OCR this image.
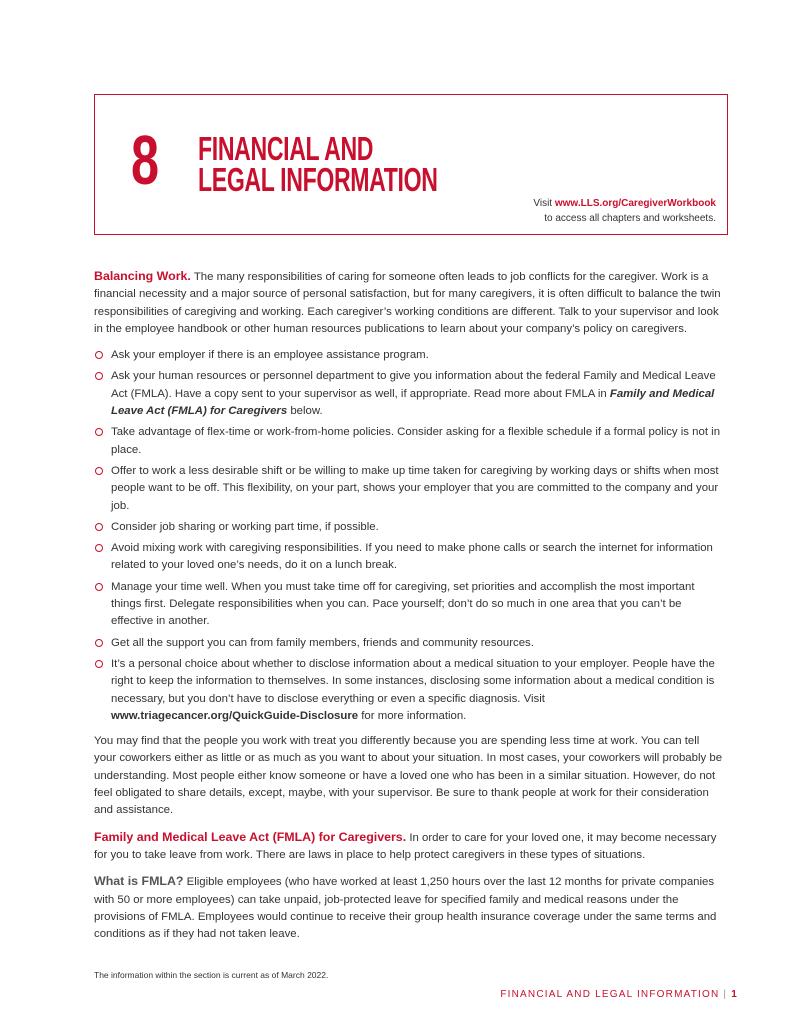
8 FINANCIAL AND
LEGAL INFORMATION
Visit www.LLS.org/CaregiverWorkbook
to access all chapters and worksheets.

Balancing Work. The many responsibilities of caring for someone often leads to job conflicts for the caregiver. Work is a financial necessity and a major source of personal satisfaction, but for many caregivers, it is often difficult to balance the twin responsibilities of caregiving and working. Each caregiver’s working conditions are different. Talk to your supervisor and look in the employee handbook or other human resources publications to learn about your company’s policy on caregivers.

Ask your employer if there is an employee assistance program.
Ask your human resources or personnel department to give you information about the federal Family and Medical Leave Act (FMLA). Have a copy sent to your supervisor as well, if appropriate. Read more about FMLA in Family and Medical Leave Act (FMLA) for Caregivers below.
Take advantage of flex-time or work-from-home policies. Consider asking for a flexible schedule if a formal policy is not in place.
Offer to work a less desirable shift or be willing to make up time taken for caregiving by working days or shifts when most people want to be off. This flexibility, on your part, shows your employer that you are committed to the company and your job.
Consider job sharing or working part time, if possible.
Avoid mixing work with caregiving responsibilities. If you need to make phone calls or search the internet for information related to your loved one’s needs, do it on a lunch break.
Manage your time well. When you must take time off for caregiving, set priorities and accomplish the most important things first. Delegate responsibilities when you can. Pace yourself; don’t do so much in one area that you can’t be effective in another.
Get all the support you can from family members, friends and community resources.
It’s a personal choice about whether to disclose information about a medical situation to your employer. People have the right to keep the information to themselves. In some instances, disclosing some information about a medical condition is necessary, but you don’t have to disclose everything or even a specific diagnosis. Visit www.triagecancer.org/QuickGuide-Disclosure for more information.

You may find that the people you work with treat you differently because you are spending less time at work. You can tell your coworkers either as little or as much as you want to about your situation. In most cases, your coworkers will probably be understanding. Most people either know someone or have a loved one who has been in a similar situation. However, do not feel obligated to share details, except, maybe, with your supervisor. Be sure to thank people at work for their consideration and assistance.

Family and Medical Leave Act (FMLA) for Caregivers. In order to care for your loved one, it may become necessary for you to take leave from work. There are laws in place to help protect caregivers in these types of situations.

What is FMLA? Eligible employees (who have worked at least 1,250 hours over the last 12 months for private companies with 50 or more employees) can take unpaid, job-protected leave for specified family and medical reasons under the provisions of FMLA. Employees would continue to receive their group health insurance coverage under the same terms and conditions as if they had not taken leave.

The information within the section is current as of March 2022.
FINANCIAL AND LEGAL INFORMATION | 1
